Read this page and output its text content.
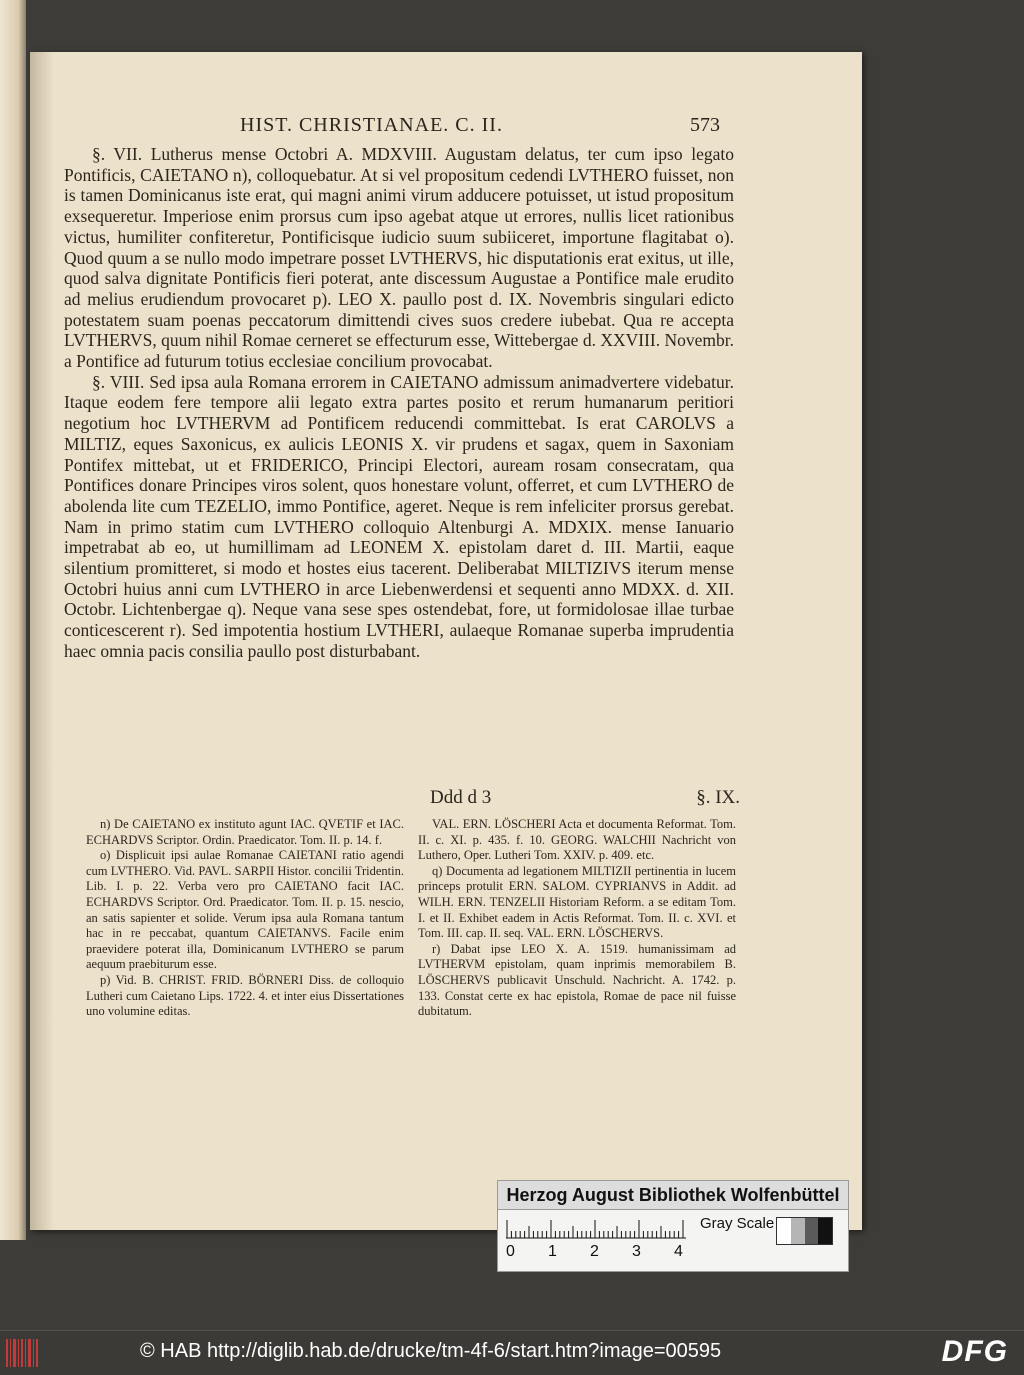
HIST. CHRISTIANAE. C. II.	573

§. VII. Lutherus mense Octobri A. MDXVIII. Augustam delatus, ter cum ipso legato Pontificis, CAIETANO n), colloquebatur. At si vel propositum cedendi LVTHERO fuisset, non is tamen Dominicanus iste erat, qui magni animi virum adducere potuisset, ut istud propositum exsequeretur. Imperiose enim prorsus cum ipso agebat atque ut errores, nullis licet rationibus victus, humiliter confiteretur, Pontificisque iudicio suum subiiceret, importune flagitabat o). Quod quum a se nullo modo impetrare posset LVTHERVS, hic disputationis erat exitus, ut ille, quod salva dignitate Pontificis fieri poterat, ante discessum Augustae a Pontifice male erudito ad melius erudiendum provocaret p). LEO X. paullo post d. IX. Novembris singulari edicto potestatem suam poenas peccatorum dimittendi cives suos credere iubebat. Qua re accepta LVTHERVS, quum nihil Romae cerneret se effecturum esse, Wittebergae d. XXVIII. Novembr. a Pontifice ad futurum totius ecclesiae concilium provocabat.

§. VIII. Sed ipsa aula Romana errorem in CAIETANO admissum animadvertere videbatur. Itaque eodem fere tempore alii legato extra partes posito et rerum humanarum peritiori negotium hoc LVTHERVM ad Pontificem reducendi committebat. Is erat CAROLVS a MILTIZ, eques Saxonicus, ex aulicis LEONIS X. vir prudens et sagax, quem in Saxoniam Pontifex mittebat, ut et FRIDERICO, Principi Electori, auream rosam consecratam, qua Pontifices donare Principes viros solent, quos honestare volunt, offerret, et cum LVTHERO de abolenda lite cum TEZELIO, immo Pontifice, ageret. Neque is rem infeliciter prorsus gerebat. Nam in primo statim cum LVTHERO colloquio Altenburgi A. MDXIX. mense Ianuario impetrabat ab eo, ut humillimam ad LEONEM X. epistolam daret d. III. Martii, eaque silentium promitteret, si modo et hostes eius tacerent. Deliberabat MILTIZIVS iterum mense Octobri huius anni cum LVTHERO in arce Liebenwerdensi et sequenti anno MDXX. d. XII. Octobr. Lichtenbergae q). Neque vana sese spes ostendebat, fore, ut formidolosae illae turbae conticescerent r). Sed impotentia hostium LVTHERI, aulaeque Romanae superba imprudentia haec omnia pacis consilia paullo post disturbabant.

Ddd d 3	§. IX.

n) De CAIETANO ex instituto agunt IAC. QVETIF et IAC. ECHARDVS Scriptor. Ordin. Praedicator. Tom. II. p. 14. f.

o) Displicuit ipsi aulae Romanae CAIETANI ratio agendi cum LVTHERO. Vid. PAVL. SARPII Histor. concilii Tridentin. Lib. I. p. 22. Verba vero pro CAIETANO facit IAC. ECHARDVS Scriptor. Ord. Praedicator. Tom. II. p. 15. nescio, an satis sapienter et solide. Verum ipsa aula Romana tantum hac in re peccabat, quantum CAIETANVS. Facile enim praevidere poterat illa, Dominicanum LVTHERO se parum aequum praebiturum esse.

p) Vid. B. CHRIST. FRID. BÖRNERI Diss. de colloquio Lutheri cum Caietano Lips. 1722. 4. et inter eius Dissertationes uno volumine editas.

VAL. ERN. LÖSCHERI Acta et documenta Reformat. Tom. II. c. XI. p. 435. f. 10. GEORG. WALCHII Nachricht von Luthero, Oper. Lutheri Tom. XXIV. p. 409. etc.

q) Documenta ad legationem MILTIZII pertinentia in lucem princeps protulit ERN. SALOM. CYPRIANVS in Addit. ad WILH. ERN. TENZELII Historiam Reform. a se editam Tom. I. et II. Exhibet eadem in Actis Reformat. Tom. II. c. XVI. et Tom. III. cap. II. seq. VAL. ERN. LÖSCHERVS.

r) Dabat ipse LEO X. A. 1519. humanissimam ad LVTHERVM epistolam, quam inprimis memorabilem B. LÖSCHERVS publicavit Unschuld. Nachricht. A. 1742. p. 133. Constat certe ex hac epistola, Romae de pace nil fuisse dubitatum.

Herzog August Bibliothek Wolfenbüttel
0 1 2 3 4
Gray Scale
© HAB http://diglib.hab.de/drucke/tm-4f-6/start.htm?image=00595	DFG
